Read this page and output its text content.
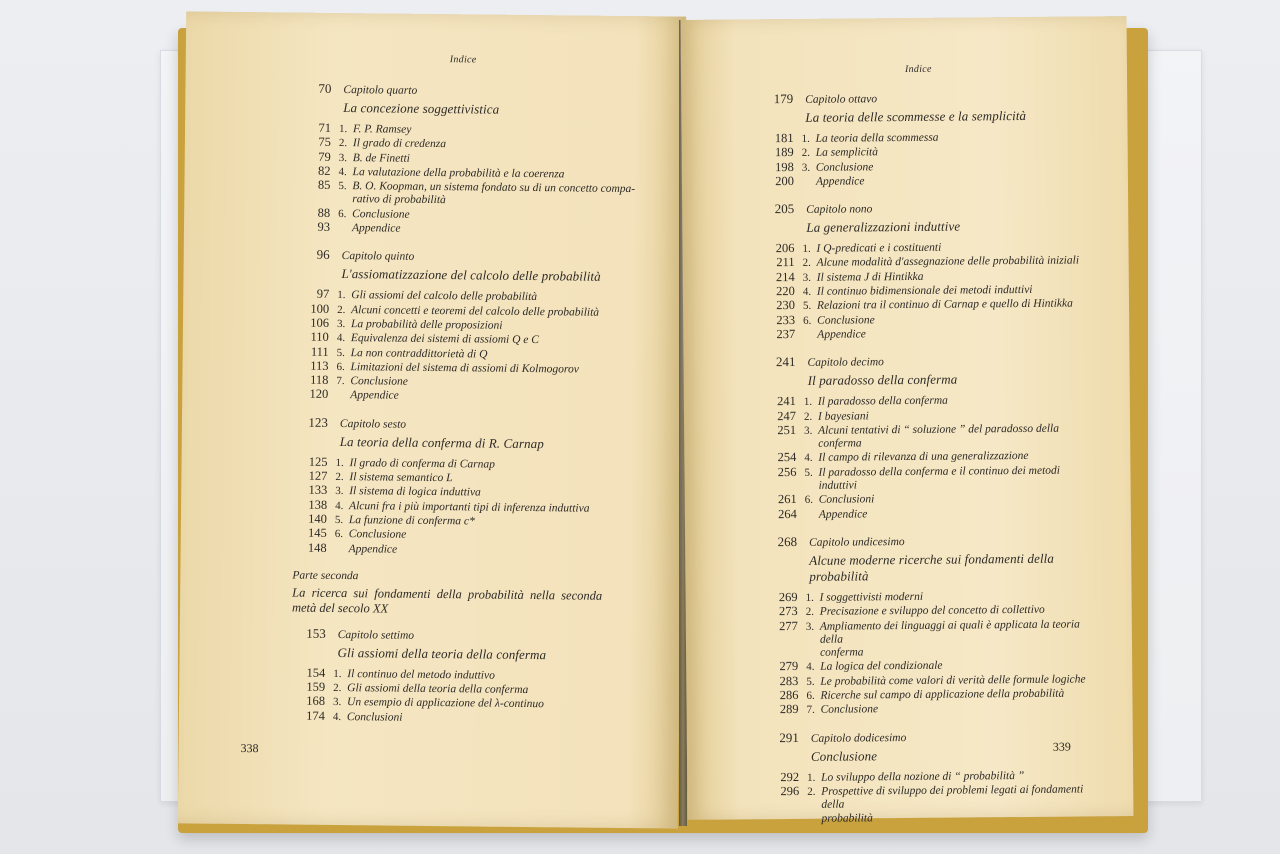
Indice
70 Capitolo quarto
La concezione soggettivistica
71 1. F. P. Ramsey
75 2. Il grado di credenza
79 3. B. de Finetti
82 4. La valutazione della probabilità e la coerenza
85 5. B. O. Koopman, un sistema fondato su di un concetto compa-
rativo di probabilità
88 6. Conclusione
93 Appendice
96 Capitolo quinto
L'assiomatizzazione del calcolo delle probabilità
97 1. Gli assiomi del calcolo delle probabilità
100 2. Alcuni concetti e teoremi del calcolo delle probabilità
106 3. La probabilità delle proposizioni
110 4. Equivalenza dei sistemi di assiomi Q e C
111 5. La non contraddittorietà di Q
113 6. Limitazioni del sistema di assiomi di Kolmogorov
118 7. Conclusione
120 Appendice
123 Capitolo sesto
La teoria della conferma di R. Carnap
125 1. Il grado di conferma di Carnap
127 2. Il sistema semantico L
133 3. Il sistema di logica induttiva
138 4. Alcuni fra i più importanti tipi di inferenza induttiva
140 5. La funzione di conferma c*
145 6. Conclusione
148 Appendice
Parte seconda
La ricerca sui fondamenti della probabilità nella seconda metà del secolo XX
153 Capitolo settimo
Gli assiomi della teoria della conferma
154 1. Il continuo del metodo induttivo
159 2. Gli assiomi della teoria della conferma
168 3. Un esempio di applicazione del λ-continuo
174 4. Conclusioni
338
Indice
179 Capitolo ottavo
La teoria delle scommesse e la semplicità
181 1. La teoria della scommessa
189 2. La semplicità
198 3. Conclusione
200 Appendice
205 Capitolo nono
La generalizzazioni induttive
206 1. I Q-predicati e i costituenti
211 2. Alcune modalità d'assegnazione delle probabilità iniziali
214 3. Il sistema J di Hintikka
220 4. Il continuo bidimensionale dei metodi induttivi
230 5. Relazioni tra il continuo di Carnap e quello di Hintikka
233 6. Conclusione
237 Appendice
241 Capitolo decimo
Il paradosso della conferma
241 1. Il paradosso della conferma
247 2. I bayesiani
251 3. Alcuni tentativi di “ soluzione ” del paradosso della conferma
254 4. Il campo di rilevanza di una generalizzazione
256 5. Il paradosso della conferma e il continuo dei metodi induttivi
261 6. Conclusioni
264 Appendice
268 Capitolo undicesimo
Alcune moderne ricerche sui fondamenti della probabilità
269 1. I soggettivisti moderni
273 2. Precisazione e sviluppo del concetto di collettivo
277 3. Ampliamento dei linguaggi ai quali è applicata la teoria della
conferma
279 4. La logica del condizionale
283 5. Le probabilità come valori di verità delle formule logiche
286 6. Ricerche sul campo di applicazione della probabilità
289 7. Conclusione
291 Capitolo dodicesimo
Conclusione
292 1. Lo sviluppo della nozione di “ probabilità ”
296 2. Prospettive di sviluppo dei problemi legati ai fondamenti della
probabilità
339
